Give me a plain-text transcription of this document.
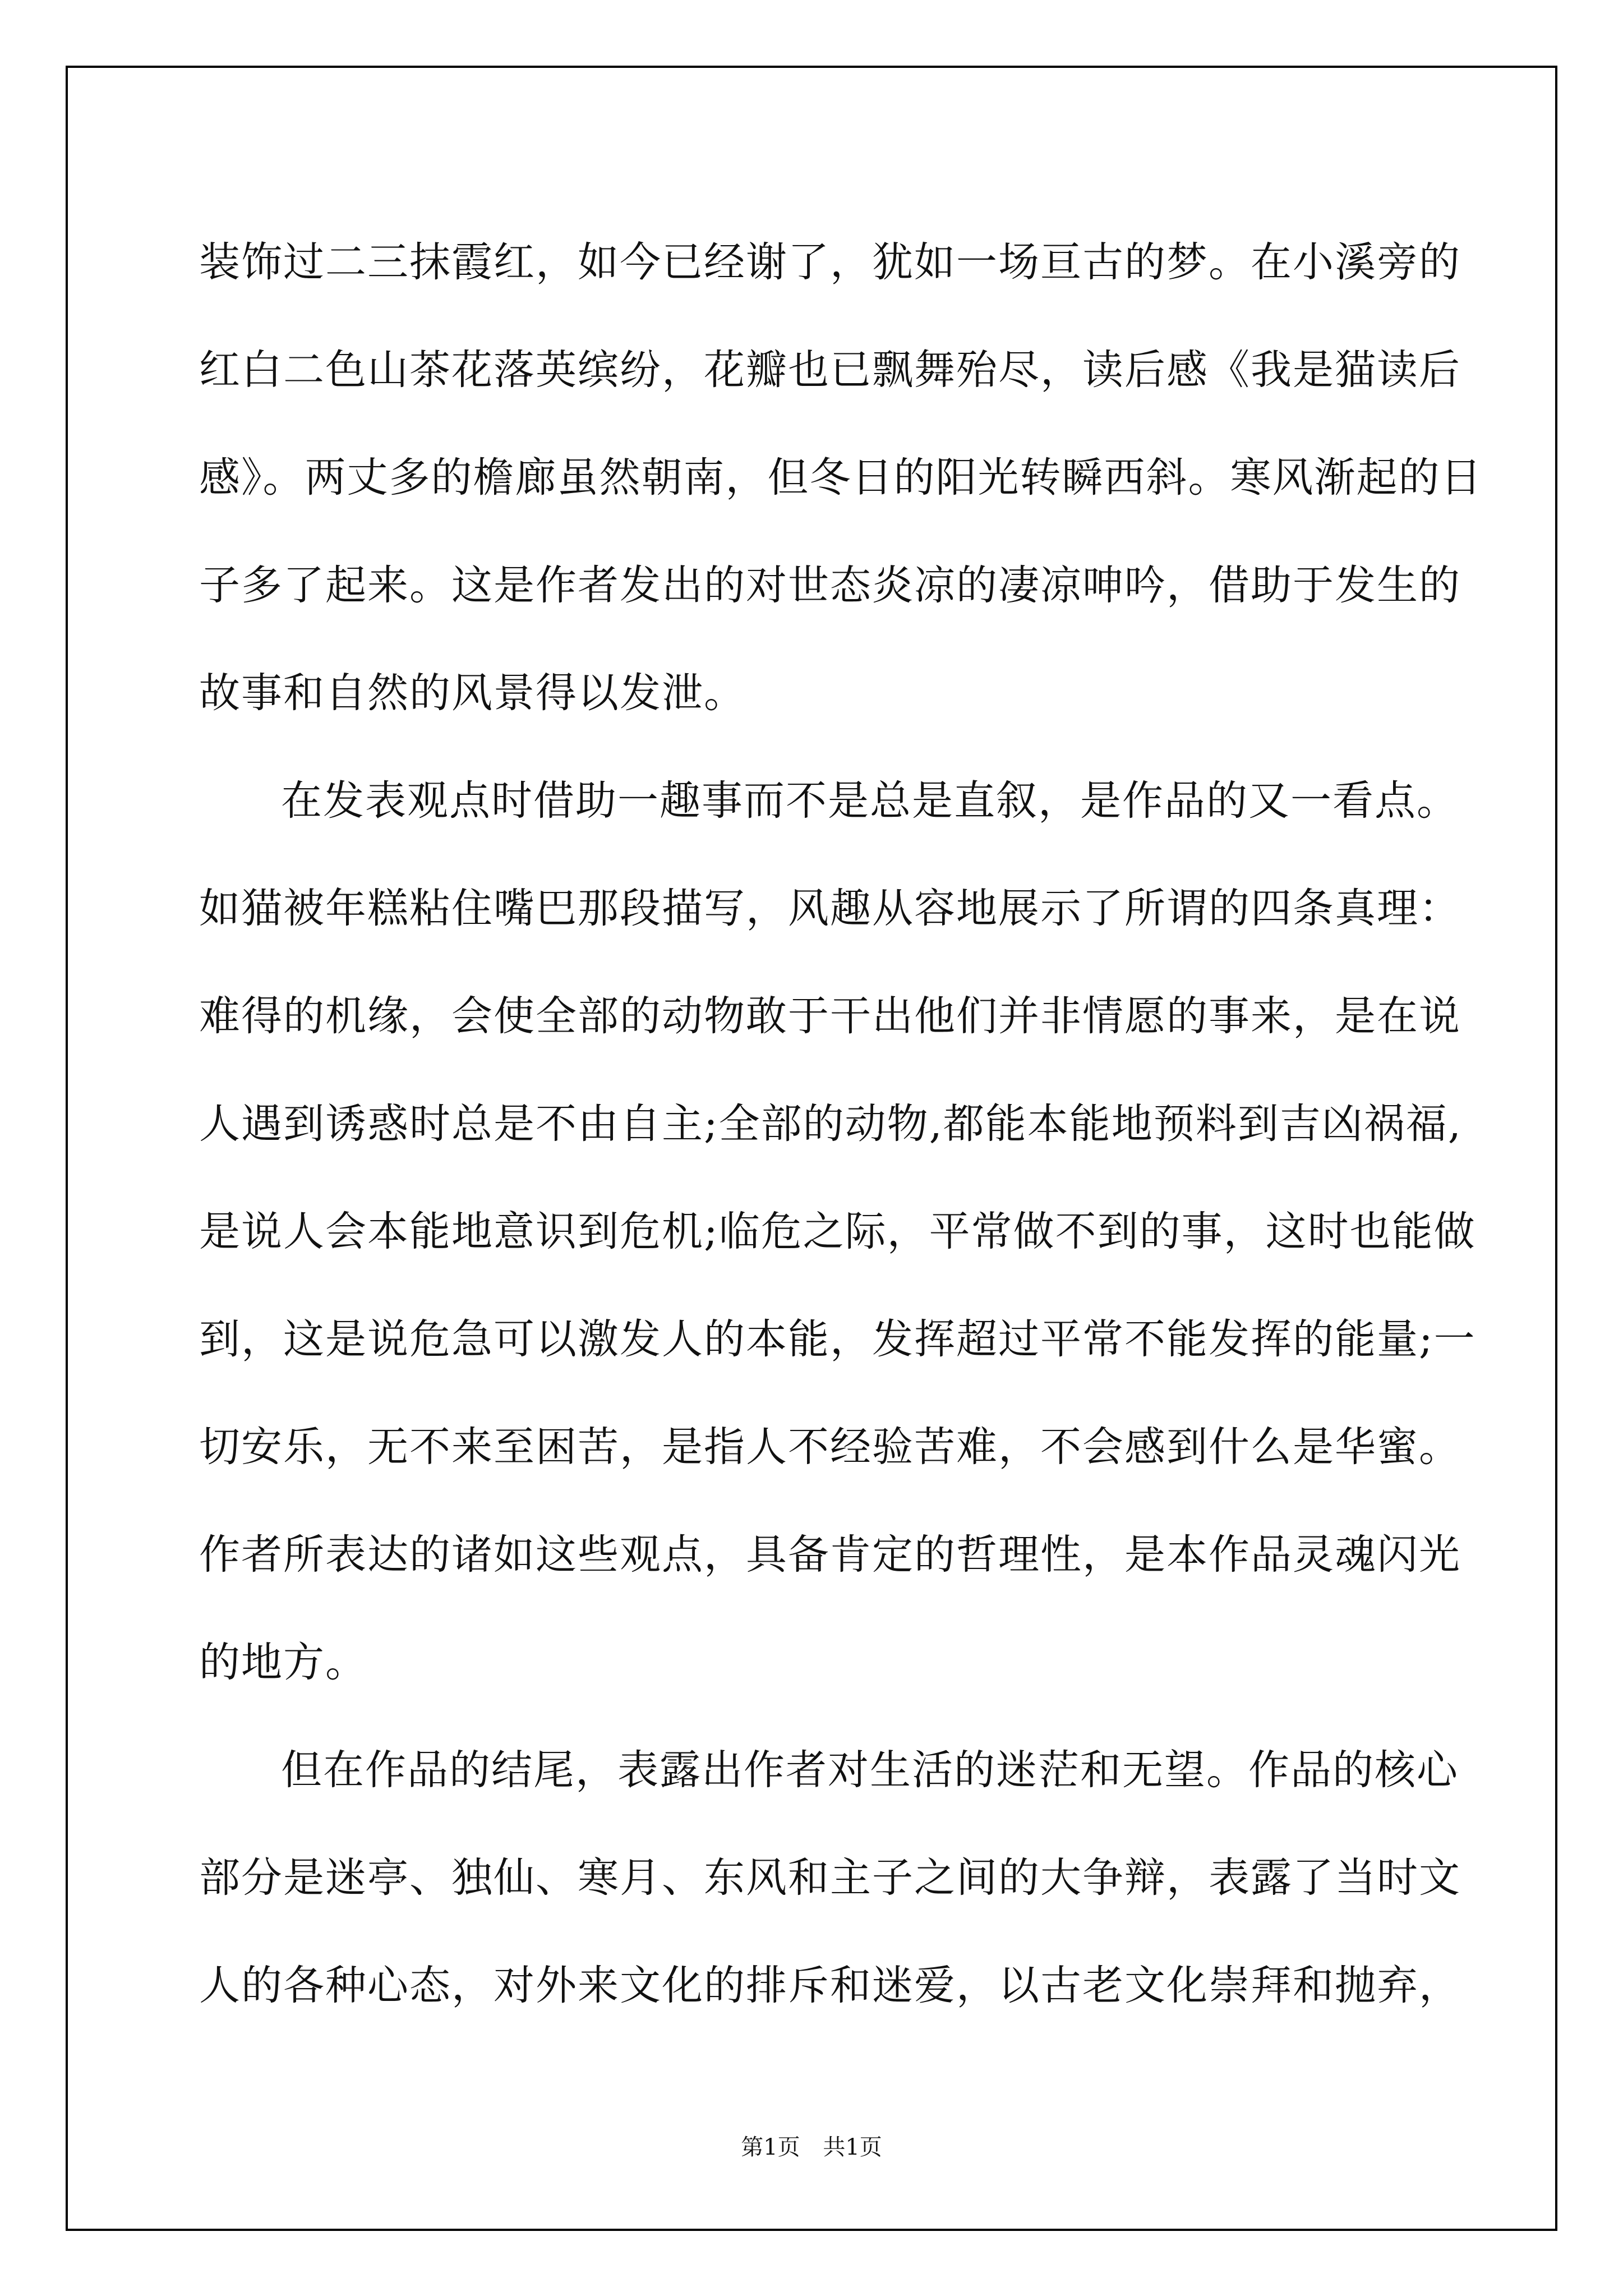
装饰过二三抹霞红，如今已经谢了，犹如一场亘古的梦。在小溪旁的
红白二色山茶花落英缤纷，花瓣也已飘舞殆尽，读后感《我是猫读后
感》。两丈多的檐廊虽然朝南，但冬日的阳光转瞬西斜。寒风渐起的日
子多了起来。这是作者发出的对世态炎凉的凄凉呻吟，借助于发生的
故事和自然的风景得以发泄。
在发表观点时借助一趣事而不是总是直叙，是作品的又一看点。
如猫被年糕粘住嘴巴那段描写，风趣从容地展示了所谓的四条真理：
难得的机缘，会使全部的动物敢于干出他们并非情愿的事来，是在说
人遇到诱惑时总是不由自主;全部的动物,都能本能地预料到吉凶祸福,
是说人会本能地意识到危机;临危之际，平常做不到的事，这时也能做
到，这是说危急可以激发人的本能，发挥超过平常不能发挥的能量;一
切安乐，无不来至困苦，是指人不经验苦难，不会感到什么是华蜜。
作者所表达的诸如这些观点，具备肯定的哲理性，是本作品灵魂闪光
的地方。
但在作品的结尾，表露出作者对生活的迷茫和无望。作品的核心
部分是迷亭、独仙、寒月、东风和主子之间的大争辩，表露了当时文
人的各种心态，对外来文化的排斥和迷爱，以古老文化崇拜和抛弃，
第1页 共1页
